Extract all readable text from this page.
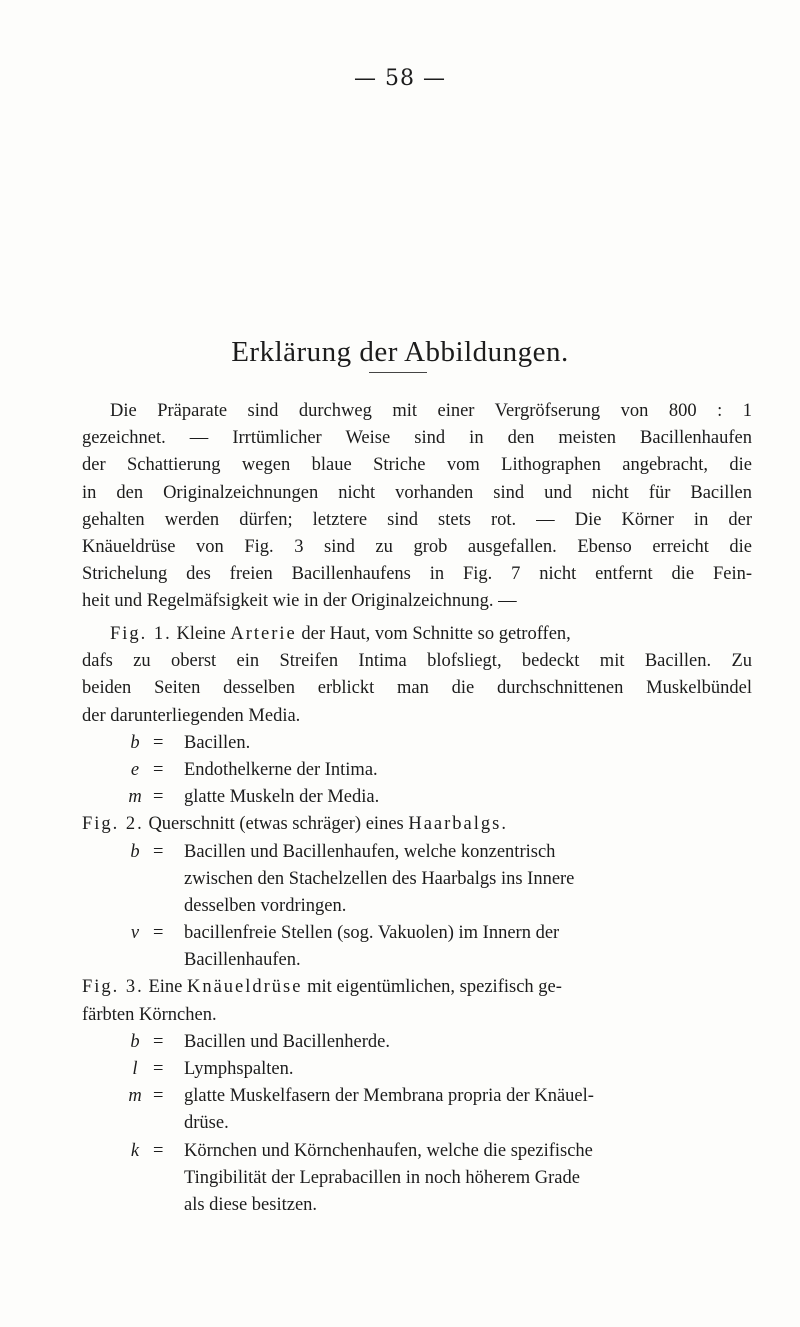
— 58 —
Erklärung der Abbildungen.
Die Präparate sind durchweg mit einer Vergröfserung von 800 : 1
gezeichnet. — Irrtümlicher Weise sind in den meisten Bacillenhaufen
der Schattierung wegen blaue Striche vom Lithographen angebracht, die
in den Originalzeichnungen nicht vorhanden sind und nicht für Bacillen
gehalten werden dürfen; letztere sind stets rot. — Die Körner in der
Knäueldrüse von Fig. 3 sind zu grob ausgefallen. Ebenso erreicht die
Strichelung des freien Bacillenhaufens in Fig. 7 nicht entfernt die Fein-
heit und Regelmäfsigkeit wie in der Originalzeichnung. —
Fig. 1. Kleine Arterie der Haut, vom Schnitte so getroffen,
dafs zu oberst ein Streifen Intima blofsliegt, bedeckt mit Bacillen. Zu
beiden Seiten desselben erblickt man die durchschnittenen Muskelbündel
der darunterliegenden Media.
b = Bacillen.
e = Endothelkerne der Intima.
m = glatte Muskeln der Media.
Fig. 2. Querschnitt (etwas schräger) eines Haarbalgs.
b = Bacillen und Bacillenhaufen, welche konzentrisch
zwischen den Stachelzellen des Haarbalgs ins Innere
desselben vordringen.
v = bacillenfreie Stellen (sog. Vakuolen) im Innern der
Bacillenhaufen.
Fig. 3. Eine Knäueldrüse mit eigentümlichen, spezifisch ge-
färbten Körnchen.
b = Bacillen und Bacillenherde.
l = Lymphspalten.
m = glatte Muskelfasern der Membrana propria der Knäuel-
drüse.
k = Körnchen und Körnchenhaufen, welche die spezifische
Tingibilität der Leprabacillen in noch höherem Grade
als diese besitzen.
